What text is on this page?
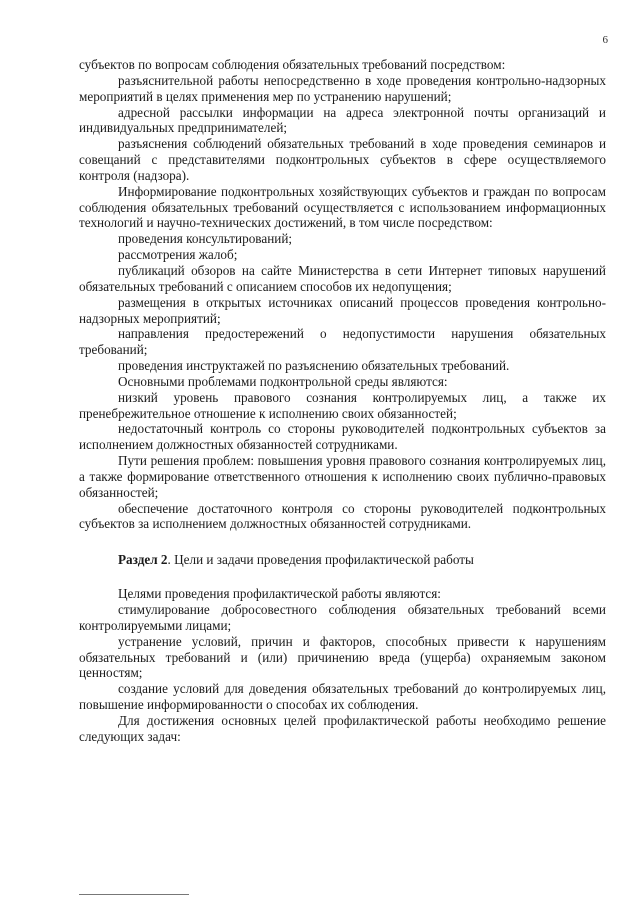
6

субъектов по вопросам соблюдения обязательных требований посредством:

разъяснительной работы непосредственно в ходе проведения контрольно-надзорных мероприятий в целях применения мер по устранению нарушений;

адресной рассылки информации на адреса электронной почты организаций и индивидуальных предпринимателей;

разъяснения соблюдений обязательных требований в ходе проведения семинаров и совещаний с представителями подконтрольных субъектов в сфере осуществляемого контроля (надзора).

Информирование подконтрольных хозяйствующих субъектов и граждан по вопросам соблюдения обязательных требований осуществляется с использованием информационных технологий и научно-технических достижений, в том числе посредством:

проведения консультирований;

рассмотрения жалоб;

публикаций обзоров на сайте Министерства в сети Интернет типовых нарушений обязательных требований с описанием способов их недопущения;

размещения в открытых источниках описаний процессов проведения контрольно-надзорных мероприятий;

направления предостережений о недопустимости нарушения обязательных требований;

проведения инструктажей по разъяснению обязательных требований.

Основными проблемами подконтрольной среды являются:

низкий уровень правового сознания контролируемых лиц, а также их пренебрежительное отношение к исполнению своих обязанностей;

недостаточный контроль со стороны руководителей подконтрольных субъектов за исполнением должностных обязанностей сотрудниками.

Пути решения проблем: повышения уровня правового сознания контролируемых лиц, а также формирование ответственного отношения к исполнению своих публично-правовых обязанностей;

обеспечение достаточного контроля со стороны руководителей подконтрольных субъектов за исполнением должностных обязанностей сотрудниками.

Раздел 2. Цели и задачи проведения профилактической работы

Целями проведения профилактической работы являются:

стимулирование добросовестного соблюдения обязательных требований всеми контролируемыми лицами;

устранение условий, причин и факторов, способных привести к нарушениям обязательных требований и (или) причинению вреда (ущерба) охраняемым законом ценностям;

создание условий для доведения обязательных требований до контролируемых лиц, повышение информированности о способах их соблюдения.

Для достижения основных целей профилактической работы необходимо решение следующих задач:
